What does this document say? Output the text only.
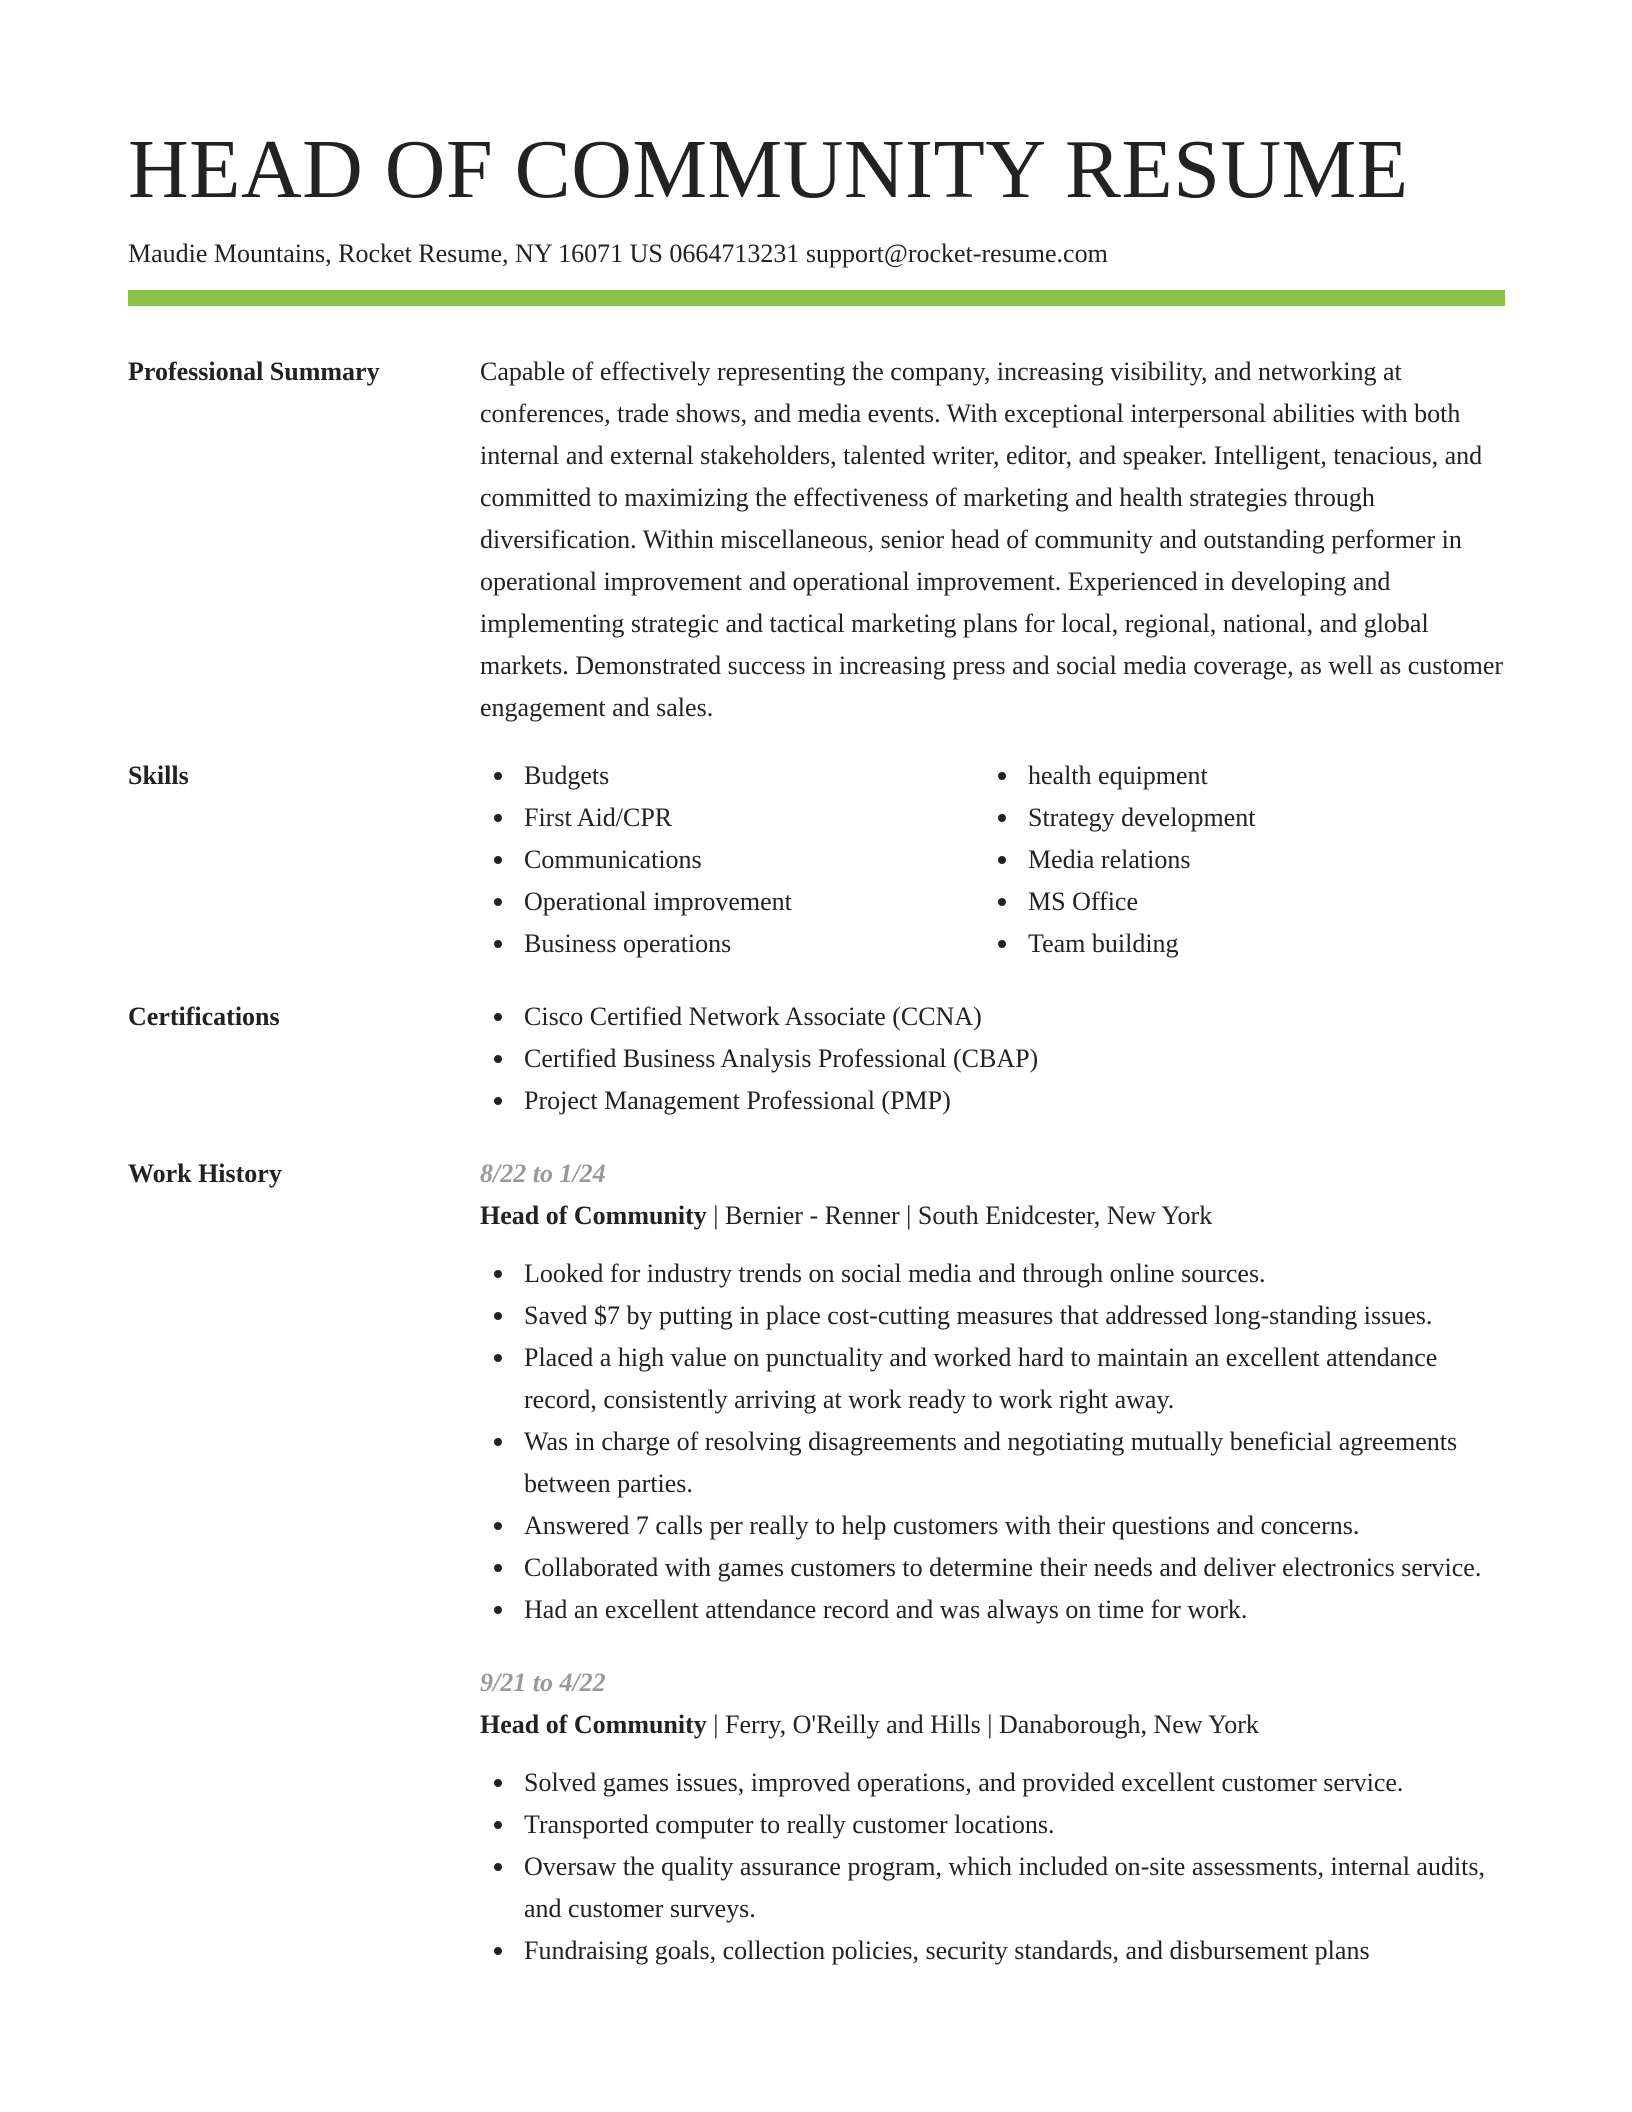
HEAD OF COMMUNITY RESUME
Maudie Mountains, Rocket Resume, NY 16071 US 0664713231 support@rocket-resume.com
Professional Summary	Capable of effectively representing the company, increasing visibility, and networking at conferences, trade shows, and media events. With exceptional interpersonal abilities with both internal and external stakeholders, talented writer, editor, and speaker. Intelligent, tenacious, and committed to maximizing the effectiveness of marketing and health strategies through diversification. Within miscellaneous, senior head of community and outstanding performer in operational improvement and operational improvement. Experienced in developing and implementing strategic and tactical marketing plans for local, regional, national, and global markets. Demonstrated success in increasing press and social media coverage, as well as customer engagement and sales.

Skills	Budgets
First Aid/CPR
Communications
Operational improvement
Business operations
health equipment
Strategy development
Media relations
MS Office
Team building
Certifications	Cisco Certified Network Associate (CCNA)
Certified Business Analysis Professional (CBAP)
Project Management Professional (PMP)
Work History	8/22 to 1/24
Head of Community | Bernier - Renner | South Enidcester, New York
Looked for industry trends on social media and through online sources.
Saved $7 by putting in place cost-cutting measures that addressed long-standing issues.
Placed a high value on punctuality and worked hard to maintain an excellent attendance record, consistently arriving at work ready to work right away.
Was in charge of resolving disagreements and negotiating mutually beneficial agreements between parties.
Answered 7 calls per really to help customers with their questions and concerns.
Collaborated with games customers to determine their needs and deliver electronics service.
Had an excellent attendance record and was always on time for work.
9/21 to 4/22
Head of Community | Ferry, O'Reilly and Hills | Danaborough, New York
Solved games issues, improved operations, and provided excellent customer service.
Transported computer to really customer locations.
Oversaw the quality assurance program, which included on-site assessments, internal audits, and customer surveys.
Fundraising goals, collection policies, security standards, and disbursement plans
